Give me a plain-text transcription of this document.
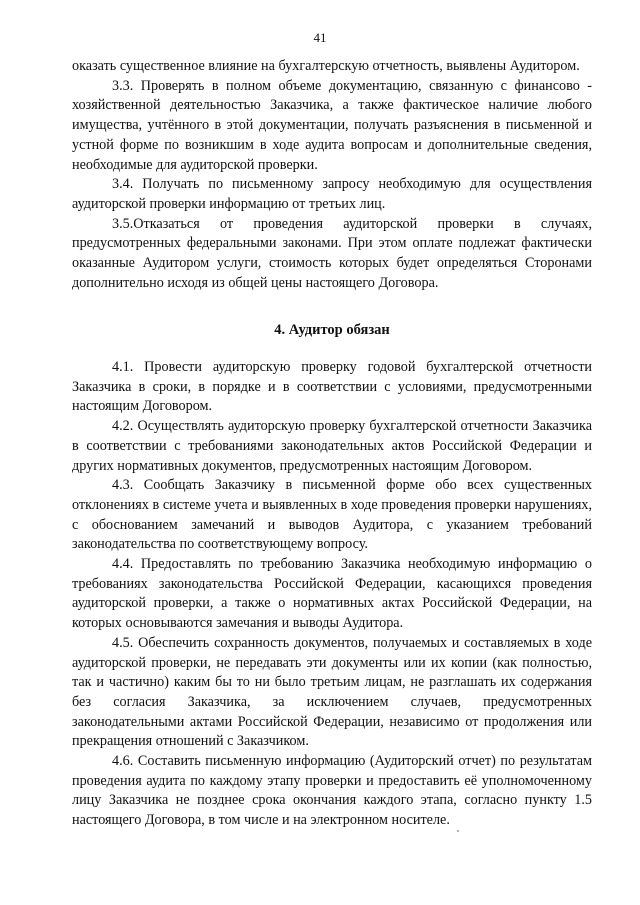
41

оказать существенное влияние на бухгалтерскую отчетность, выявлены Аудитором.

3.3. Проверять в полном объеме документацию, связанную с финансово - хозяйственной деятельностью Заказчика, а также фактическое наличие любого имущества, учтённого в этой документации, получать разъяснения в письменной и устной форме по возникшим в ходе аудита вопросам и дополнительные сведения, необходимые для аудиторской проверки.

3.4. Получать по письменному запросу необходимую для осуществления аудиторской проверки информацию от третьих лиц.

3.5.Отказаться от проведения аудиторской проверки в случаях, предусмотренных федеральными законами. При этом оплате подлежат фактически оказанные Аудитором услуги, стоимость которых будет определяться Сторонами дополнительно исходя из общей цены настоящего Договора.

4. Аудитор обязан

4.1. Провести аудиторскую проверку годовой бухгалтерской отчетности Заказчика в сроки, в порядке и в соответствии с условиями, предусмотренными настоящим Договором.

4.2. Осуществлять аудиторскую проверку бухгалтерской отчетности Заказчика в соответствии с требованиями законодательных актов Российской Федерации и других нормативных документов, предусмотренных настоящим Договором.

4.3. Сообщать Заказчику в письменной форме обо всех существенных отклонениях в системе учета и выявленных в ходе проведения проверки нарушениях, с обоснованием замечаний и выводов Аудитора, с указанием требований законодательства по соответствующему вопросу.

4.4. Предоставлять по требованию Заказчика необходимую информацию о требованиях законодательства Российской Федерации, касающихся проведения аудиторской проверки, а также о нормативных актах Российской Федерации, на которых основываются замечания и выводы Аудитора.

4.5. Обеспечить сохранность документов, получаемых и составляемых в ходе аудиторской проверки, не передавать эти документы или их копии (как полностью, так и частично) каким бы то ни было третьим лицам, не разглашать их содержания без согласия Заказчика, за исключением случаев, предусмотренных законодательными актами Российской Федерации, независимо от продолжения или прекращения отношений с Заказчиком.

4.6. Составить письменную информацию (Аудиторский отчет) по результатам проведения аудита по каждому этапу проверки и предоставить её уполномоченному лицу Заказчика не позднее срока окончания каждого этапа, согласно пункту 1.5 настоящего Договора, в том числе и на электронном носителе.
